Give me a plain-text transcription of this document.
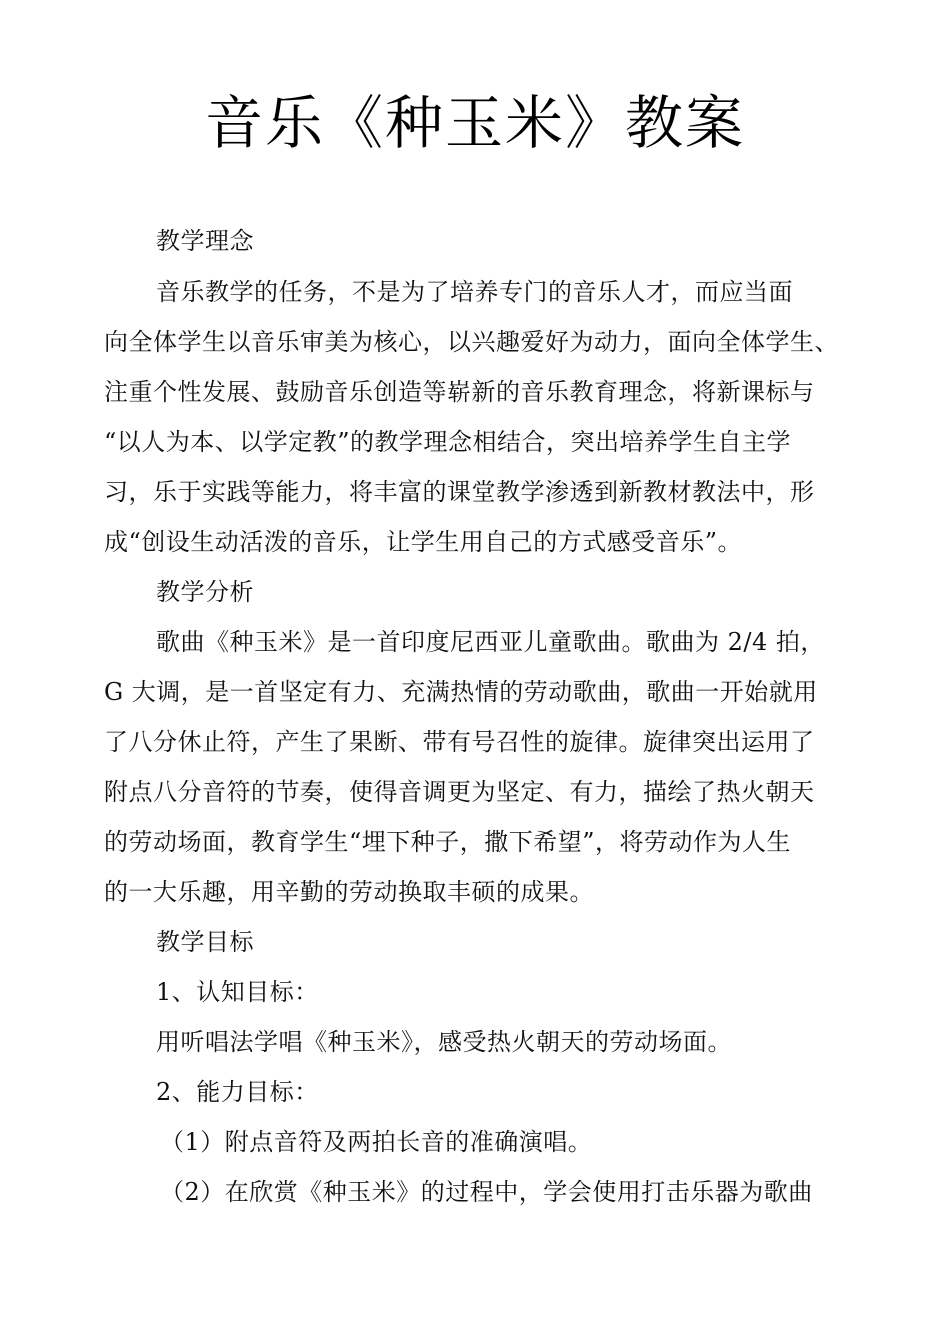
音乐《种玉米》教案
教学理念
音乐教学的任务，不是为了培养专门的音乐人才，而应当面
向全体学生以音乐审美为核心，以兴趣爱好为动力，面向全体学生、
注重个性发展、鼓励音乐创造等崭新的音乐教育理念，将新课标与
“以人为本、以学定教”的教学理念相结合，突出培养学生自主学
习，乐于实践等能力，将丰富的课堂教学渗透到新教材教法中，形
成“创设生动活泼的音乐，让学生用自己的方式感受音乐”。
教学分析
歌曲《种玉米》是一首印度尼西亚儿童歌曲。歌曲为 2/4 拍，
G 大调，是一首坚定有力、充满热情的劳动歌曲，歌曲一开始就用
了八分休止符，产生了果断、带有号召性的旋律。旋律突出运用了
附点八分音符的节奏，使得音调更为坚定、有力，描绘了热火朝天
的劳动场面，教育学生“埋下种子，撒下希望”，将劳动作为人生
的一大乐趣，用辛勤的劳动换取丰硕的成果。
教学目标
1、认知目标：
用听唱法学唱《种玉米》，感受热火朝天的劳动场面。
2、能力目标：
（1）附点音符及两拍长音的准确演唱。
（2）在欣赏《种玉米》的过程中，学会使用打击乐器为歌曲
